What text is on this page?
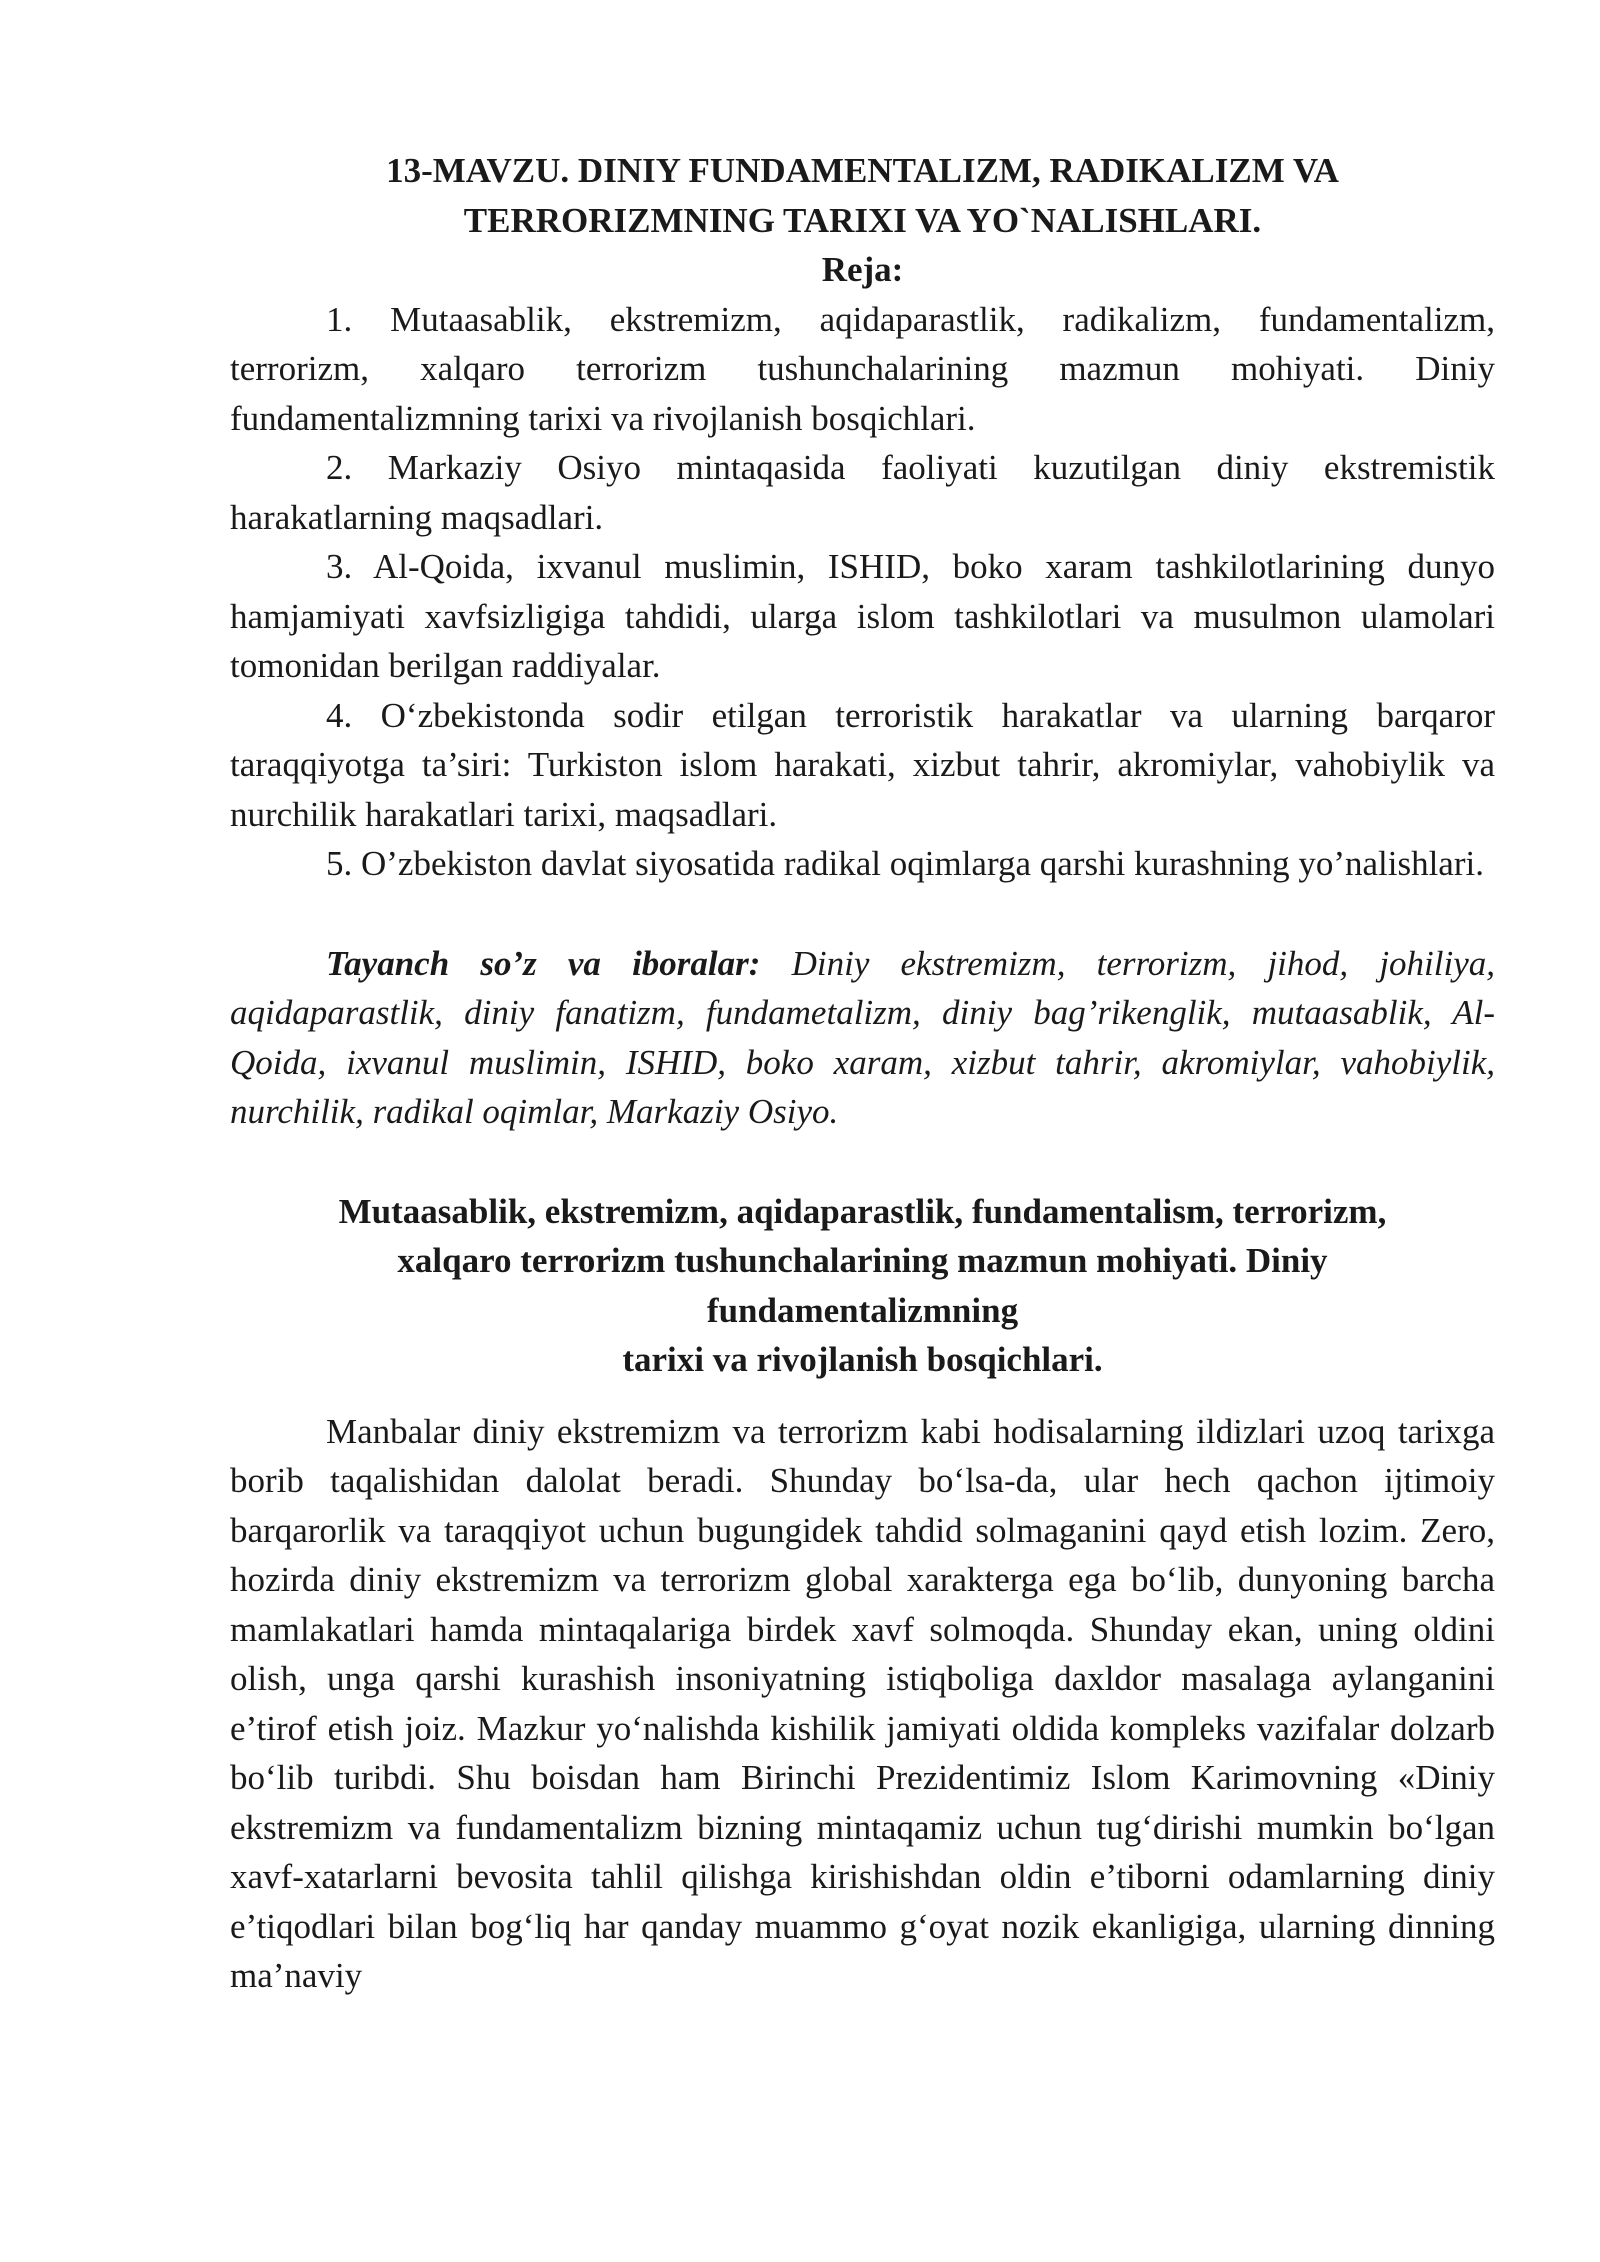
13-MAVZU. DINIY FUNDAMENTALIZM, RADIKALIZM VA
TERRORIZMNING TARIXI VA YO`NALISHLARI.
Reja:

1. Mutaasablik, ekstremizm, aqidaparastlik, radikalizm, fundamentalizm, terrorizm, xalqaro terrorizm tushunchalarining mazmun mohiyati. Diniy fundamentalizmning tarixi va rivojlanish bosqichlari.

2. Markaziy Osiyo mintaqasida faoliyati kuzutilgan diniy ekstremistik harakatlarning maqsadlari.

3. Al-Qoida, ixvanul muslimin, ISHID, boko xaram tashkilotlarining dunyo hamjamiyati xavfsizligiga tahdidi, ularga islom tashkilotlari va musulmon ulamolari tomonidan berilgan raddiyalar.

4. O‘zbekistonda sodir etilgan terroristik harakatlar va ularning barqaror taraqqiyotga ta’siri: Turkiston islom harakati, xizbut tahrir, akromiylar, vahobiylik va nurchilik harakatlari tarixi, maqsadlari.

5. O’zbekiston davlat siyosatida radikal oqimlarga qarshi kurashning yo’nalishlari.

Tayanch so’z va iboralar: Diniy ekstremizm, terrorizm, jihod, johiliya, aqidaparastlik, diniy fanatizm, fundametalizm, diniy bag’rikenglik, mutaasablik, Al-Qoida, ixvanul muslimin, ISHID, boko xaram, xizbut tahrir, akromiylar, vahobiylik, nurchilik, radikal oqimlar, Markaziy Osiyo.

Mutaasablik, ekstremizm, aqidaparastlik, fundamentalism, terrorizm,
xalqaro terrorizm tushunchalarining mazmun mohiyati. Diniy
fundamentalizmning
tarixi va rivojlanish bosqichlari.

Manbalar diniy ekstremizm va terrorizm kabi hodisalarning ildizlari uzoq tarixga borib taqalishidan dalolat beradi. Shunday bo‘lsa-da, ular hech qachon ijtimoiy barqarorlik va taraqqiyot uchun bugungidek tahdid solmaganini qayd etish lozim. Zero, hozirda diniy ekstremizm va terrorizm global xarakterga ega bo‘lib, dunyoning barcha mamlakatlari hamda mintaqalariga birdek xavf solmoqda. Shunday ekan, uning oldini olish, unga qarshi kurashish insoniyatning istiqboliga daxldor masalaga aylanganini e’tirof etish joiz. Mazkur yo‘nalishda kishilik jamiyati oldida kompleks vazifalar dolzarb bo‘lib turibdi. Shu boisdan ham Birinchi Prezidentimiz Islom Karimovning «Diniy ekstremizm va fundamentalizm bizning mintaqamiz uchun tug‘dirishi mumkin bo‘lgan xavf-xatarlarni bevosita tahlil qilishga kirishishdan oldin e’tiborni odamlarning diniy e’tiqodlari bilan bog‘liq har qanday muammo g‘oyat nozik ekanligiga, ularning dinning ma’naviy
